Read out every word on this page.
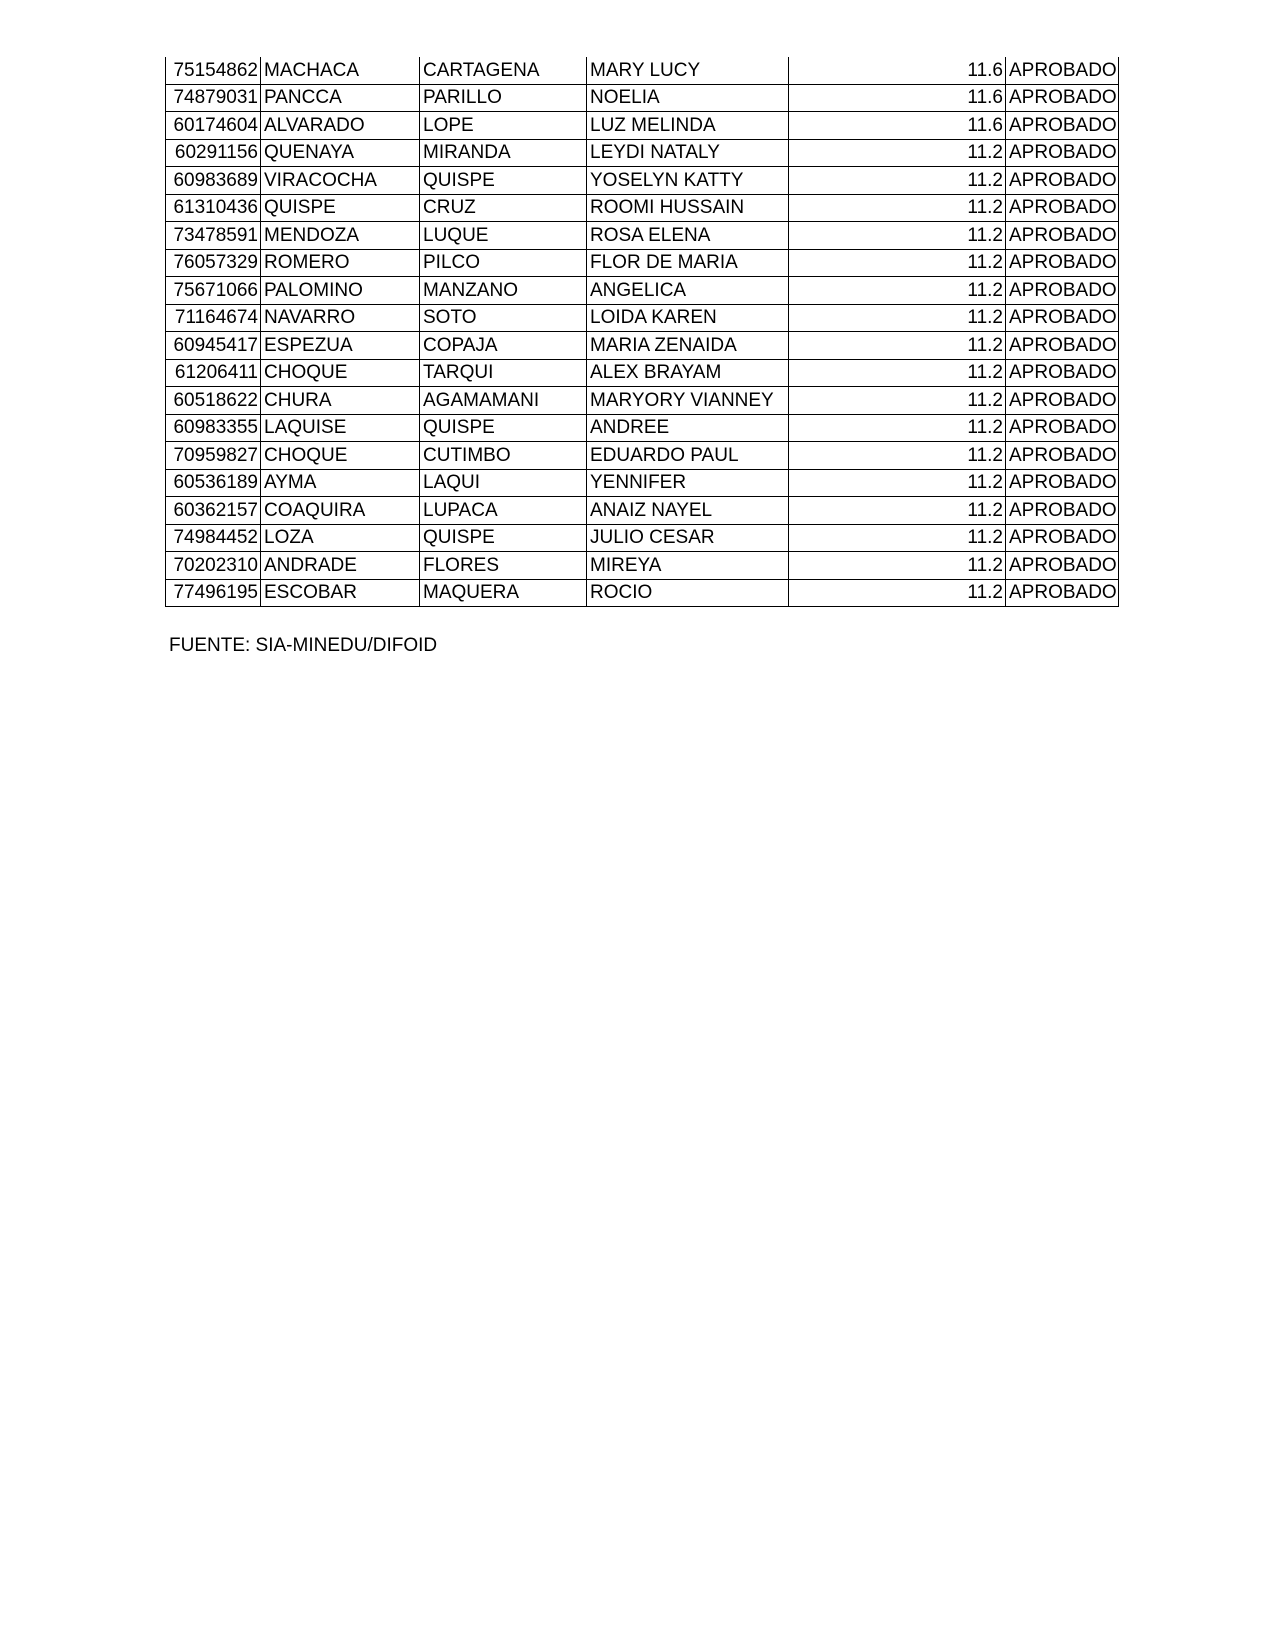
75154862	MACHACA	CARTAGENA	MARY LUCY	11.6	APROBADO
74879031	PANCCA	PARILLO	NOELIA	11.6	APROBADO
60174604	ALVARADO	LOPE	LUZ MELINDA	11.6	APROBADO
60291156	QUENAYA	MIRANDA	LEYDI NATALY	11.2	APROBADO
60983689	VIRACOCHA	QUISPE	YOSELYN KATTY	11.2	APROBADO
61310436	QUISPE	CRUZ	ROOMI HUSSAIN	11.2	APROBADO
73478591	MENDOZA	LUQUE	ROSA ELENA	11.2	APROBADO
76057329	ROMERO	PILCO	FLOR DE MARIA	11.2	APROBADO
75671066	PALOMINO	MANZANO	ANGELICA	11.2	APROBADO
71164674	NAVARRO	SOTO	LOIDA KAREN	11.2	APROBADO
60945417	ESPEZUA	COPAJA	MARIA ZENAIDA	11.2	APROBADO
61206411	CHOQUE	TARQUI	ALEX BRAYAM	11.2	APROBADO
60518622	CHURA	AGAMAMANI	MARYORY VIANNEY	11.2	APROBADO
60983355	LAQUISE	QUISPE	ANDREE	11.2	APROBADO
70959827	CHOQUE	CUTIMBO	EDUARDO PAUL	11.2	APROBADO
60536189	AYMA	LAQUI	YENNIFER	11.2	APROBADO
60362157	COAQUIRA	LUPACA	ANAIZ NAYEL	11.2	APROBADO
74984452	LOZA	QUISPE	JULIO CESAR	11.2	APROBADO
70202310	ANDRADE	FLORES	MIREYA	11.2	APROBADO
77496195	ESCOBAR	MAQUERA	ROCIO	11.2	APROBADO
FUENTE: SIA-MINEDU/DIFOID
